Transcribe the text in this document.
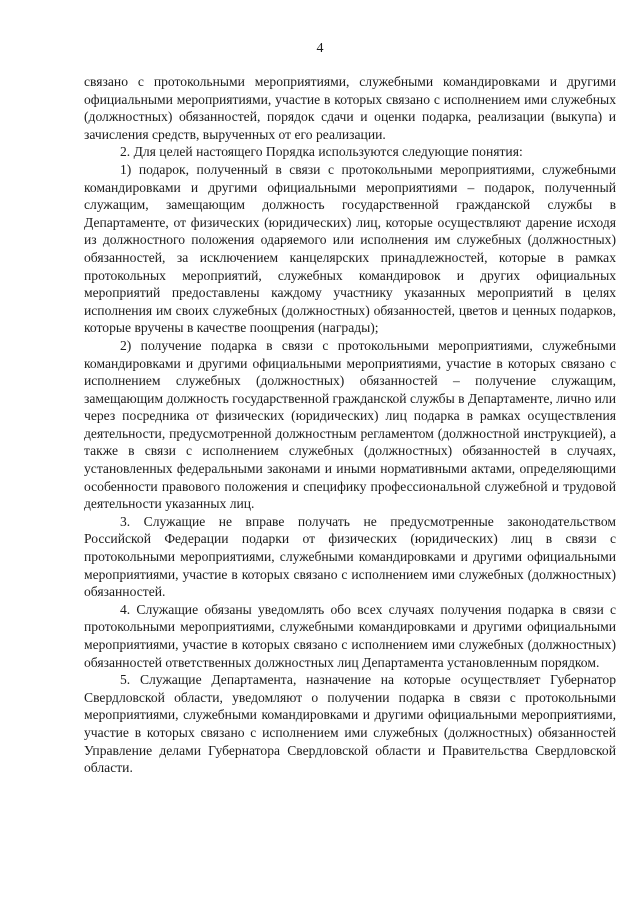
4

связано с протокольными мероприятиями, служебными командировками и другими официальными мероприятиями, участие в которых связано с исполнением ими служебных (должностных) обязанностей, порядок сдачи и оценки подарка, реализации (выкупа) и зачисления средств, вырученных от его реализации.

2. Для целей настоящего Порядка используются следующие понятия:

1) подарок, полученный в связи с протокольными мероприятиями, служебными командировками и другими официальными мероприятиями – подарок, полученный служащим, замещающим должность государственной гражданской службы в Департаменте, от физических (юридических) лиц, которые осуществляют дарение исходя из должностного положения одаряемого или исполнения им служебных (должностных) обязанностей, за исключением канцелярских принадлежностей, которые в рамках протокольных мероприятий, служебных командировок и других официальных мероприятий предоставлены каждому участнику указанных мероприятий в целях исполнения им своих служебных (должностных) обязанностей, цветов и ценных подарков, которые вручены в качестве поощрения (награды);

2) получение подарка в связи с протокольными мероприятиями, служебными командировками и другими официальными мероприятиями, участие в которых связано с исполнением служебных (должностных) обязанностей – получение служащим, замещающим должность государственной гражданской службы в Департаменте, лично или через посредника от физических (юридических) лиц подарка в рамках осуществления деятельности, предусмотренной должностным регламентом (должностной инструкцией), а также в связи с исполнением служебных (должностных) обязанностей в случаях, установленных федеральными законами и иными нормативными актами, определяющими особенности правового положения и специфику профессиональной служебной и трудовой деятельности указанных лиц.

3. Служащие не вправе получать не предусмотренные законодательством Российской Федерации подарки от физических (юридических) лиц в связи с протокольными мероприятиями, служебными командировками и другими официальными мероприятиями, участие в которых связано с исполнением ими служебных (должностных) обязанностей.

4. Служащие обязаны уведомлять обо всех случаях получения подарка в связи с протокольными мероприятиями, служебными командировками и другими официальными мероприятиями, участие в которых связано с исполнением ими служебных (должностных) обязанностей ответственных должностных лиц Департамента установленным порядком.

5. Служащие Департамента, назначение на которые осуществляет Губернатор Свердловской области, уведомляют о получении подарка в связи с протокольными мероприятиями, служебными командировками и другими официальными мероприятиями, участие в которых связано с исполнением ими служебных (должностных) обязанностей Управление делами Губернатора Свердловской области и Правительства Свердловской области.
